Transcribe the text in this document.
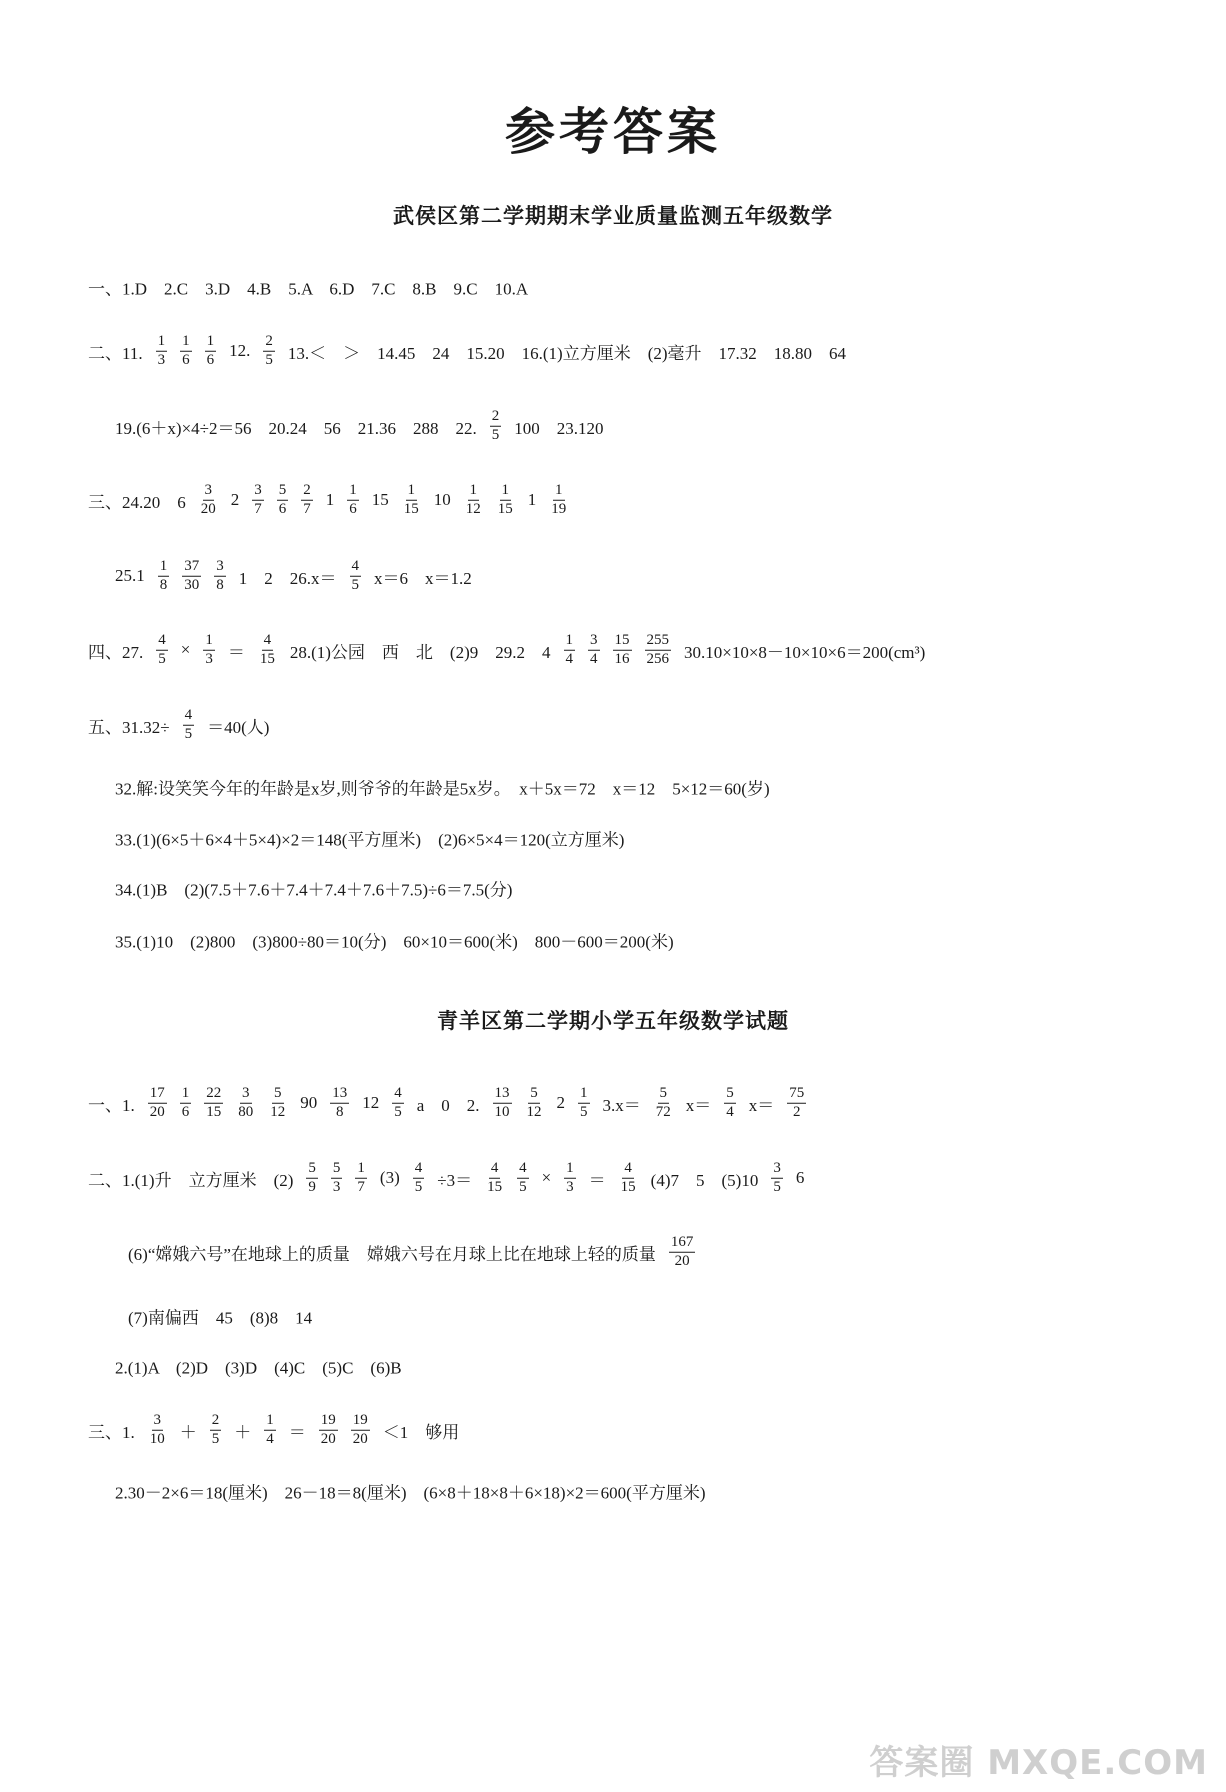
参考答案
武侯区第二学期期末学业质量监测五年级数学
一、1.D　2.C　3.D　4.B　5.A　6.D　7.C　8.B　9.C　10.A
二、11.
1
3
1
6
1
6 12.
2
5 13.＜　＞　14.45　24　15.20　16.(1)立方厘米　(2)毫升　17.32　18.80　64
19.(6＋x)×4÷2＝56　20.24　56　21.36　288　22.
2
5 100　23.120
三、24.20　6
3
20 2
3
7
5
6
2
7 1
1
6 15
1
15 10
1
12
1
15 1
1
19
25.1
1
8
37
30
3
8 1　2　26.x＝
4
5 x＝6　x＝1.2
四、27. $\frac{4}{5} \times \frac{1}{3}$ ＝
4
15 28.(1)公园　西　北　(2)9　29.2　4
1
4
3
4
15
16
255
256 30.10×10×8－10×10×6＝200(cm³)
五、$31.32\div \frac{4}{5} =40$(人)
32.解:设笑笑今年的年龄是x岁,则爷爷的年龄是5x岁。　x＋5x＝72　x＝12　5×12＝60(岁)
33.(1)(6×5＋6×4＋5×4)×2＝148(平方厘米)　(2)6×5×4＝120(立方厘米)
34.(1)B　(2)(7.5＋7.6＋7.4＋7.4＋7.6＋7.5)÷6＝7.5(分)
35.(1)10　(2)800　(3)800÷80＝10(分)　60×10＝600(米)　800－600＝200(米)
青羊区第二学期小学五年级数学试题
一、1.
17
20
1
6
22
15
3
80
5
12 90
13
8 12
4
5 a　0　2.
13
10
5
12 2
1
5 3.x＝
5
72 x＝
5
4 x＝
75
2
二、1.(1)升　立方厘米　(2)
5
9
5
3
1
7 $(3) \frac{4}{5} \div 3=$
4
$15 \frac{4}{5} \times \frac{1}{3}$ ＝
4
15 (4)7　5　(5)10
3
5 6
(6)“嫦娥六号”在地球上的质量　嫦娥六号在月球上比在地球上轻的质量
167
20
(7)南偏西　45　(8)8　14
2.(1)A　(2)D　(3)D　(4)C　(5)C　(6)B
三、1.
3
10 ＋
2
5 ＋
1
4 ＝
19
20
19
20 ＜1　够用
2.30－2×6＝18(厘米)　26－18＝8(厘米)　(6×8＋18×8＋6×18)×2＝600(平方厘米)
答案圈 MXQE.COM
